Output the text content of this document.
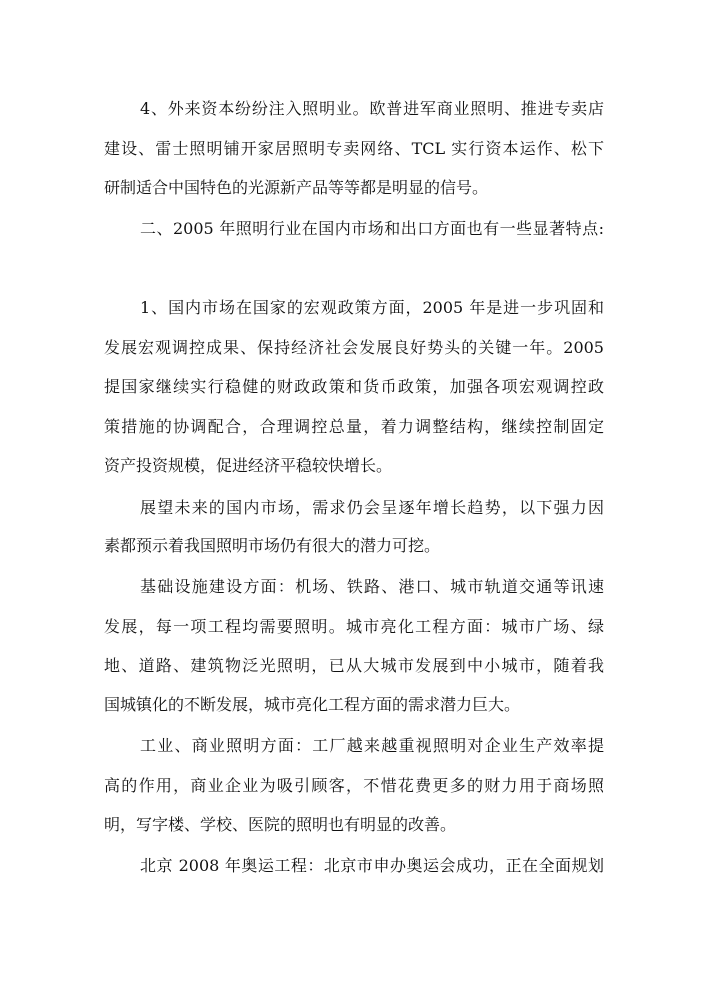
4、外来资本纷纷注入照明业。欧普进军商业照明、推进专卖店
建设、雷士照明铺开家居照明专卖网络、TCL 实行资本运作、松下
研制适合中国特色的光源新产品等等都是明显的信号。
二、2005 年照明行业在国内市场和出口方面也有一些显著特点:
1、国内市场在国家的宏观政策方面，2005 年是进一步巩固和
发展宏观调控成果、保持经济社会发展良好势头的关键一年。2005
提国家继续实行稳健的财政政策和货币政策，加强各项宏观调控政
策措施的协调配合，合理调控总量，着力调整结构，继续控制固定
资产投资规模，促进经济平稳较快增长。
展望未来的国内市场，需求仍会呈逐年增长趋势，以下强力因
素都预示着我国照明市场仍有很大的潜力可挖。
基础设施建设方面：机场、铁路、港口、城市轨道交通等讯速
发展，每一项工程均需要照明。城市亮化工程方面：城市广场、绿
地、道路、建筑物泛光照明，已从大城市发展到中小城市，随着我
国城镇化的不断发展，城市亮化工程方面的需求潜力巨大。
工业、商业照明方面：工厂越来越重视照明对企业生产效率提
高的作用，商业企业为吸引顾客，不惜花费更多的财力用于商场照
明，写字楼、学校、医院的照明也有明显的改善。
北京 2008 年奥运工程：北京市申办奥运会成功，正在全面规划
